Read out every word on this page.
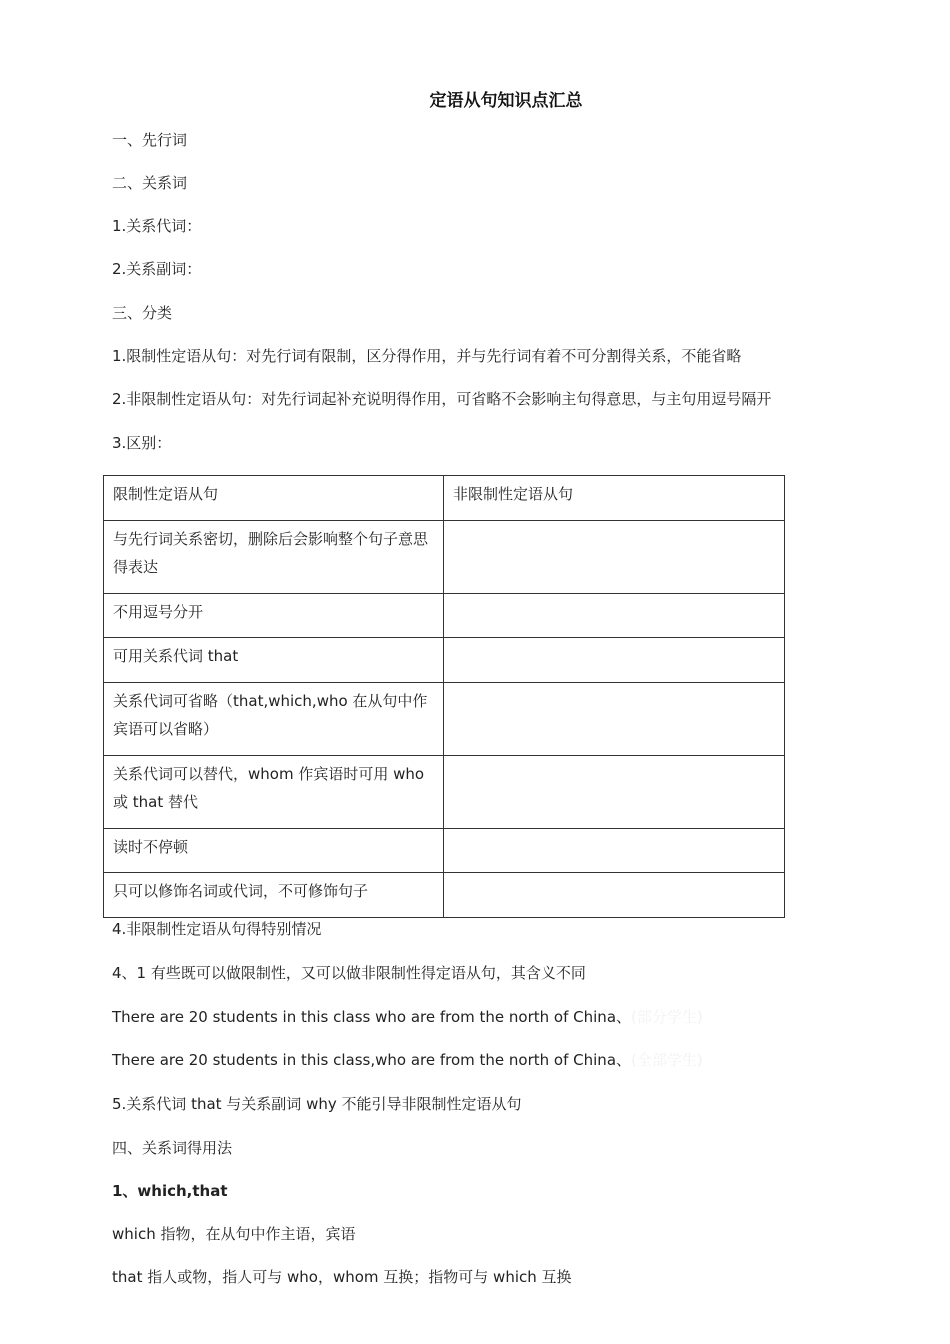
定语从句知识点汇总
一、先行词
二、关系词
1.关系代词：
2.关系副词：
三、分类
1.限制性定语从句：对先行词有限制，区分得作用，并与先行词有着不可分割得关系，不能省略
2.非限制性定语从句：对先行词起补充说明得作用，可省略不会影响主句得意思，与主句用逗号隔开
3.区别：
限制性定语从句	非限制性定语从句
与先行词关系密切，删除后会影响整个句子意思得表达	
不用逗号分开	
可用关系代词 that	
关系代词可省略（that,which,who 在从句中作宾语可以省略）	
关系代词可以替代，whom 作宾语时可用 who 或 that 替代	
读时不停顿	
只可以修饰名词或代词，不可修饰句子	
4.非限制性定语从句得特别情况
4、1 有些既可以做限制性，又可以做非限制性得定语从句，其含义不同
There are 20 students in this class who are from the north of China、(部分学生)
There are 20 students in this class,who are from the north of China、(全部学生)
5.关系代词 that 与关系副词 why 不能引导非限制性定语从句
四、关系词得用法
1、which,that
which 指物，在从句中作主语，宾语
that 指人或物，指人可与 who，whom 互换；指物可与 which 互换
